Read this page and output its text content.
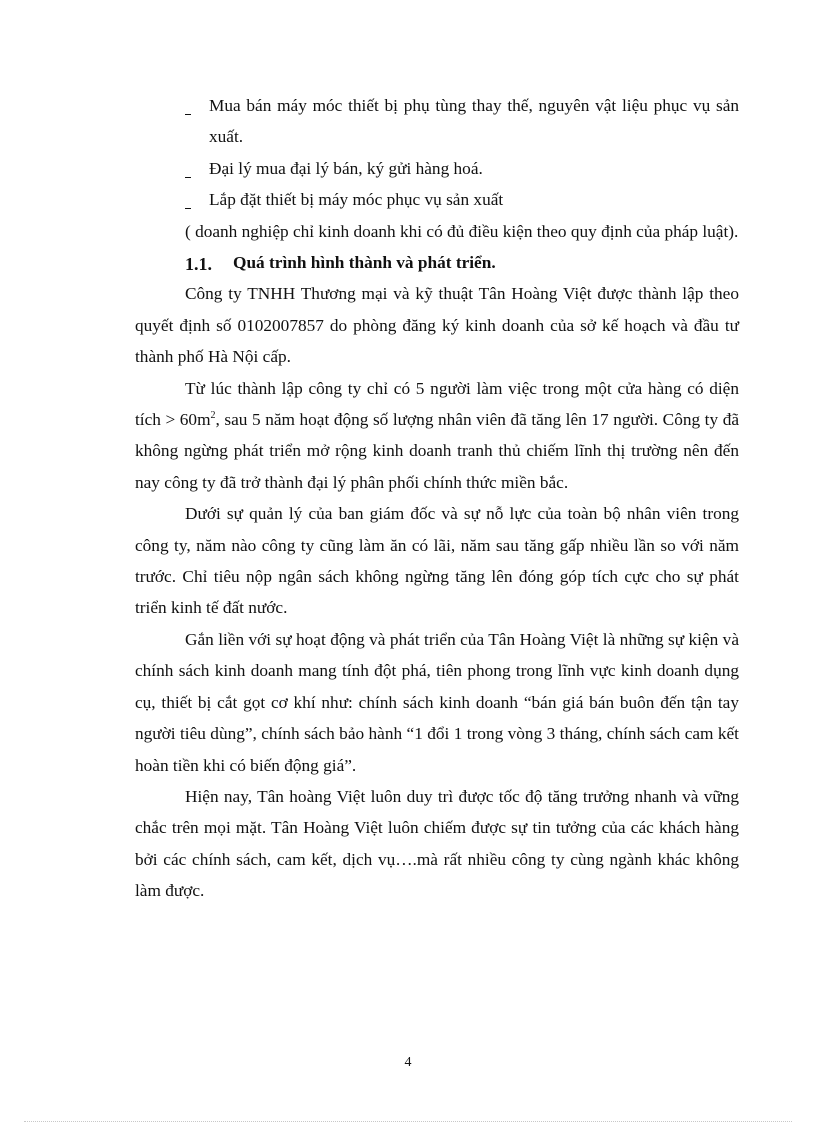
Mua bán máy móc thiết bị phụ tùng thay thế, nguyên vật liệu phục vụ sản xuất.

Đại lý mua đại lý bán, ký gửi hàng hoá.

Lắp đặt thiết bị máy móc phục vụ sản xuất

( doanh nghiệp chỉ kinh doanh khi có đủ điều kiện theo quy định của pháp luật).

1.1. Quá trình hình thành và phát triển.

Công ty TNHH Thương mại và kỹ thuật Tân Hoàng Việt được thành lập theo quyết định số 0102007857 do phòng đăng ký kinh doanh của sở kế hoạch và đầu tư thành phố Hà Nội cấp.

Từ lúc thành lập công ty chỉ có 5 người làm việc trong một cửa hàng có diện tích > $60m^2$, sau 5 năm hoạt động số lượng nhân viên đã tăng lên 17 người. Công ty đã không ngừng phát triển mở rộng kinh doanh tranh thủ chiếm lĩnh thị trường nên đến nay công ty đã trở thành đại lý phân phối chính thức miền bắc.

Dưới sự quản lý của ban giám đốc và sự nỗ lực của toàn bộ nhân viên trong công ty, năm nào công ty cũng làm ăn có lãi, năm sau tăng gấp nhiều lần so với năm trước. Chỉ tiêu nộp ngân sách không ngừng tăng lên đóng góp tích cực cho sự phát triển kinh tế đất nước.

Gắn liền với sự hoạt động và phát triển của Tân Hoàng Việt là những sự kiện và chính sách kinh doanh mang tính đột phá, tiên phong trong lĩnh vực kinh doanh dụng cụ, thiết bị cắt gọt cơ khí như: chính sách kinh doanh “bán giá bán buôn đến tận tay người tiêu dùng”, chính sách bảo hành “1 đổi 1 trong vòng 3 tháng, chính sách cam kết hoàn tiền khi có biến động giá”.

Hiện nay, Tân hoàng Việt luôn duy trì được tốc độ tăng trưởng nhanh và vững chắc trên mọi mặt. Tân Hoàng Việt luôn chiếm được sự tin tưởng của các khách hàng bởi các chính sách, cam kết, dịch vụ….mà rất nhiều công ty cùng ngành khác không làm được.

4
